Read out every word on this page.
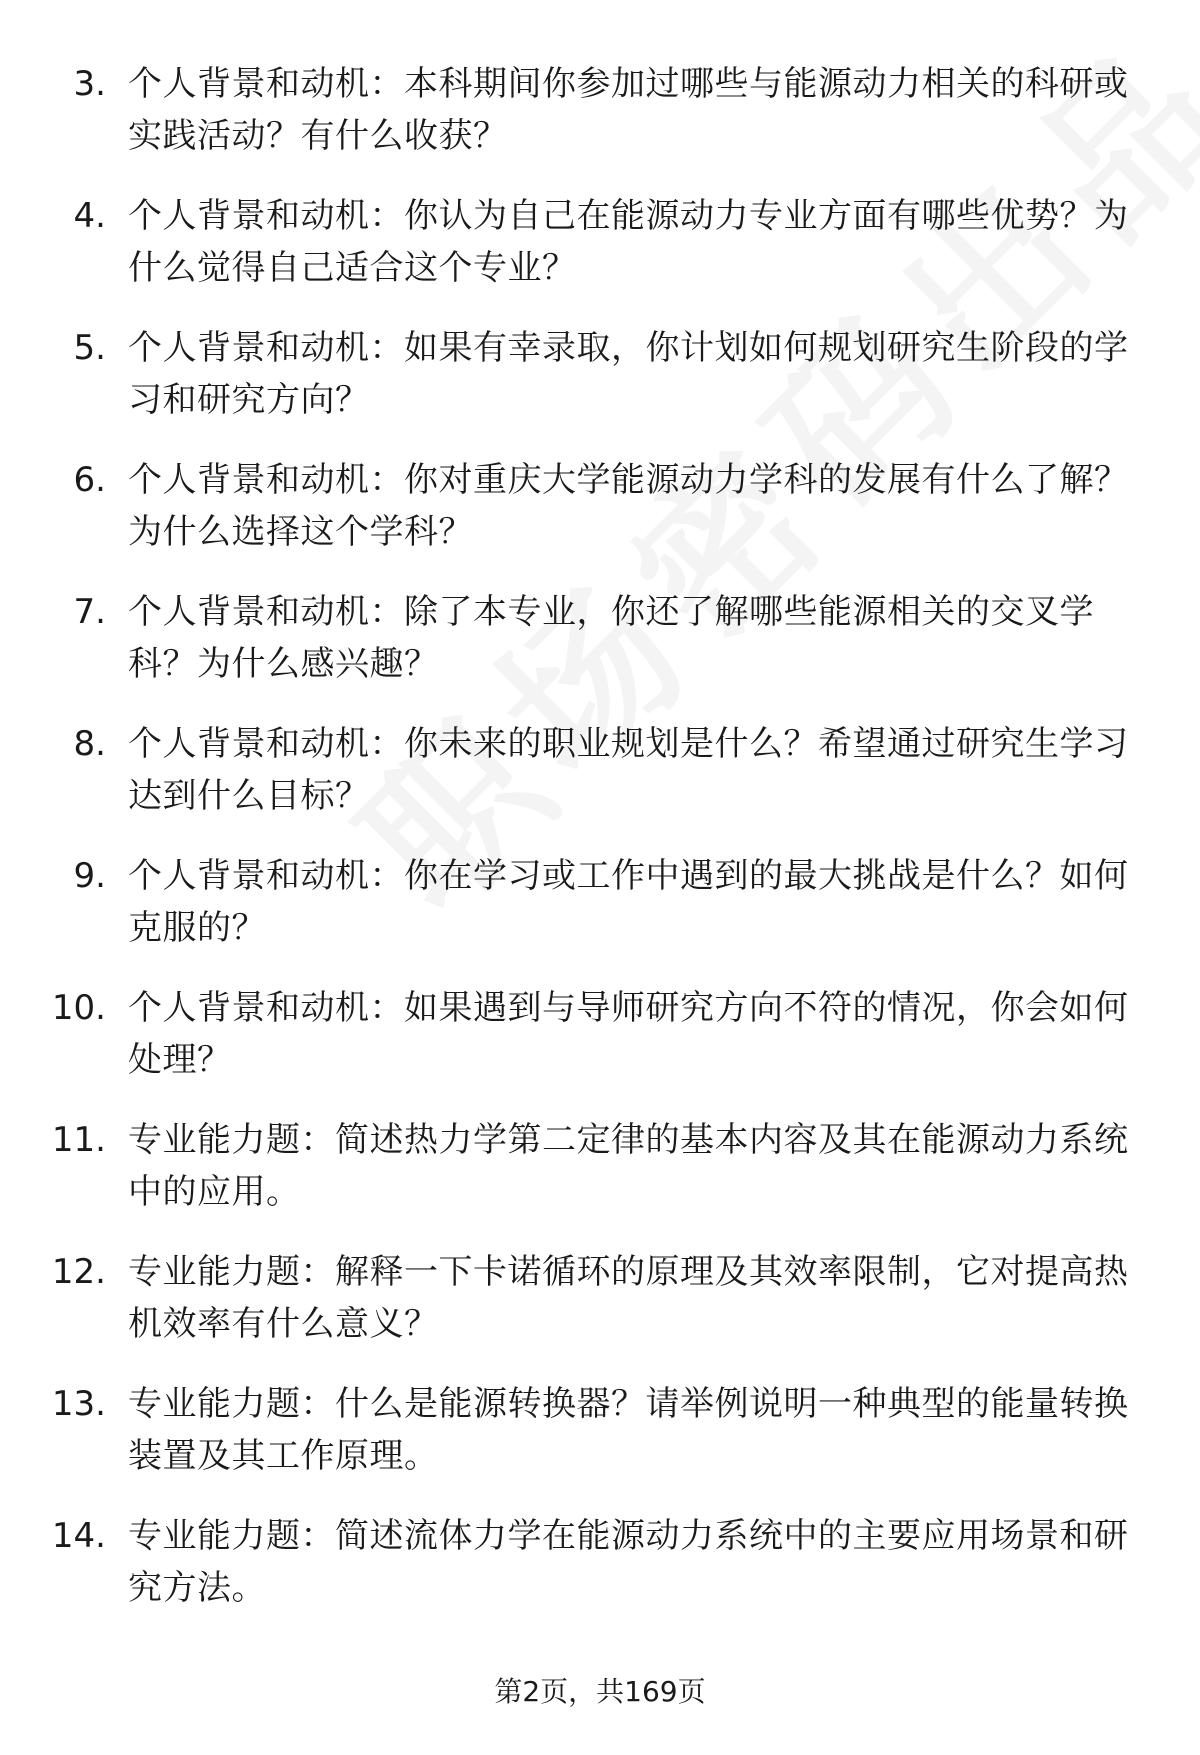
3. 个人背景和动机：本科期间你参加过哪些与能源动力相关的科研或实践活动？有什么收获？
4. 个人背景和动机：你认为自己在能源动力专业方面有哪些优势？为什么觉得自己适合这个专业？
5. 个人背景和动机：如果有幸录取，你计划如何规划研究生阶段的学习和研究方向？
6. 个人背景和动机：你对重庆大学能源动力学科的发展有什么了解？为什么选择这个学科？
7. 个人背景和动机：除了本专业，你还了解哪些能源相关的交叉学科？为什么感兴趣？
8. 个人背景和动机：你未来的职业规划是什么？希望通过研究生学习达到什么目标？
9. 个人背景和动机：你在学习或工作中遇到的最大挑战是什么？如何克服的？
10. 个人背景和动机：如果遇到与导师研究方向不符的情况，你会如何处理？
11. 专业能力题：简述热力学第二定律的基本内容及其在能源动力系统中的应用。
12. 专业能力题：解释一下卡诺循环的原理及其效率限制，它对提高热机效率有什么意义？
13. 专业能力题：什么是能源转换器？请举例说明一种典型的能量转换装置及其工作原理。
14. 专业能力题：简述流体力学在能源动力系统中的主要应用场景和研究方法。
第2页，共169页
